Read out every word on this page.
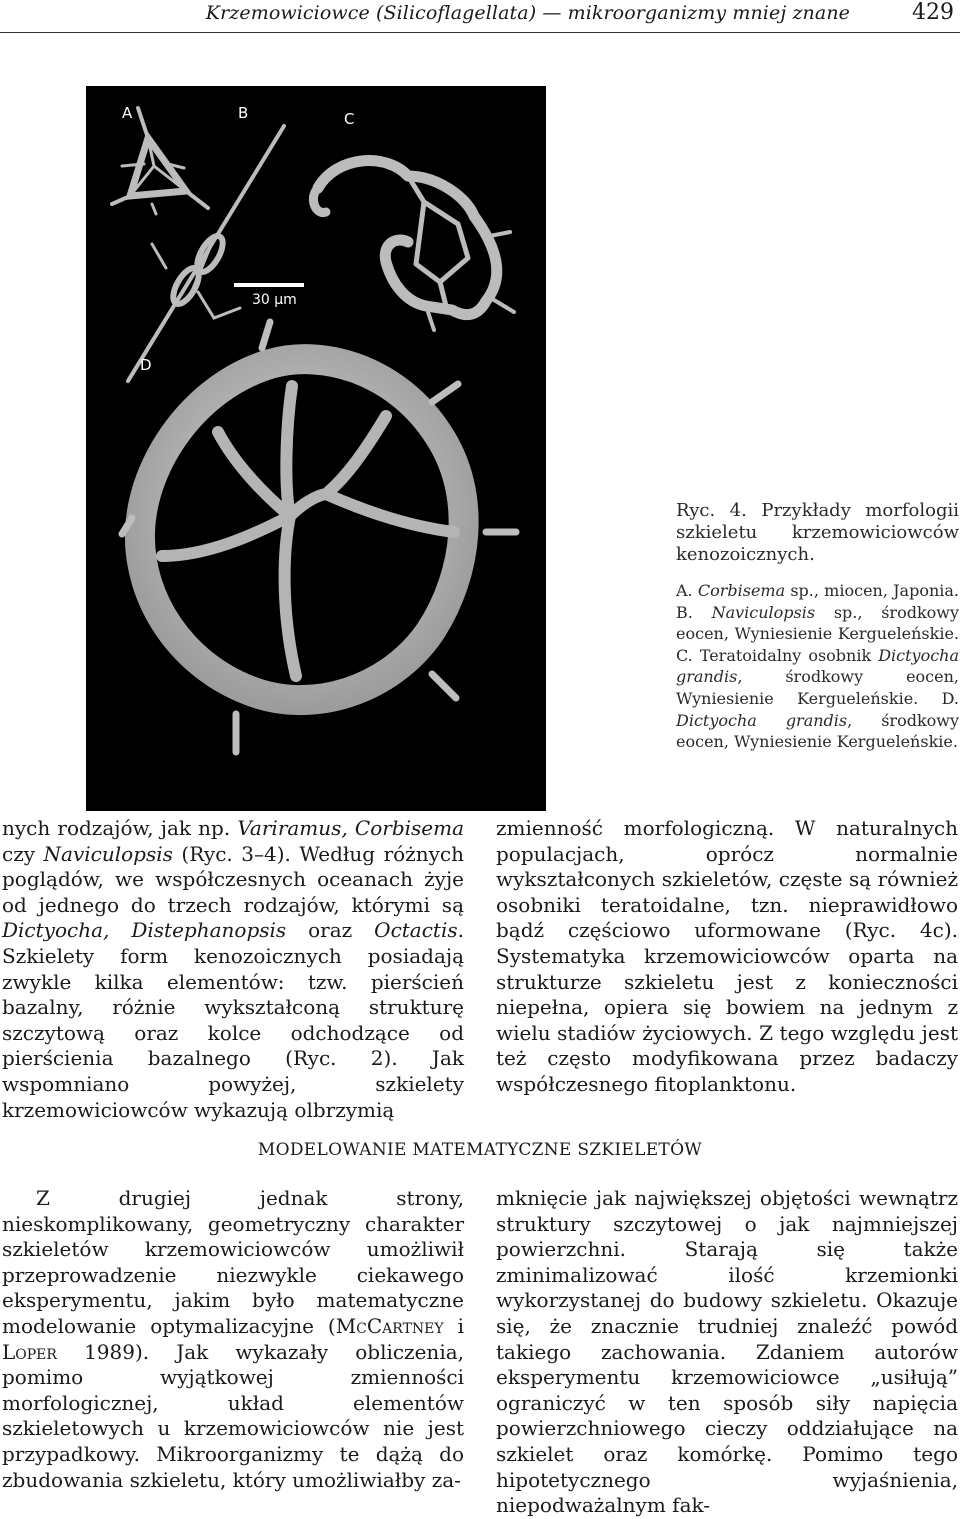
Krzemowiciowce (Silicoflagellata) — mikroorganizmy mniej znane	429
30 µm
A	B	C
D

Ryc. 4. Przykłady morfologii szkieletu krzemowiciowców kenozoicznych.

A. Corbisema sp., miocen, Japonia. B. Naviculopsis sp., środkowy eocen, Wyniesienie Kergueleńskie. C. Teratoidalny osobnik Dictyocha grandis, środkowy eocen, Wyniesienie Kergueleńskie. D. Dictyocha grandis, środkowy eocen, Wyniesienie Kergueleńskie.

nych rodzajów, jak np. Variramus, Corbisema czy Naviculopsis (Ryc. 3–4). Według różnych poglądów, we współczesnych oceanach żyje od jednego do trzech rodzajów, którymi są Dictyocha, Distephanopsis oraz Octactis. Szkielety form kenozoicznych posiadają zwykle kilka elementów: tzw. pierścień bazalny, różnie wykształconą strukturę szczytową oraz kolce odchodzące od pierścienia bazalnego (Ryc. 2). Jak wspomniano powyżej, szkielety krzemowiciowców wykazują olbrzymią

zmienność morfologiczną. W naturalnych populacjach, oprócz normalnie wykształconych szkieletów, częste są również osobniki teratoidalne, tzn. nieprawidłowo bądź częściowo uformowane (Ryc. 4c). Systematyka krzemowiciowców oparta na strukturze szkieletu jest z konieczności niepełna, opiera się bowiem na jednym z wielu stadiów życiowych. Z tego względu jest też często modyfikowana przez badaczy współczesnego fitoplanktonu.

MODELOWANIE MATEMATYCZNE SZKIELETÓW

Z drugiej jednak strony, nieskomplikowany, geometryczny charakter szkieletów krzemowiciowców umożliwił przeprowadzenie niezwykle ciekawego eksperymentu, jakim było matematyczne modelowanie optymalizacyjne (McCartney i Loper 1989). Jak wykazały obliczenia, pomimo wyjątkowej zmienności morfologicznej, układ elementów szkieletowych u krzemowiciowców nie jest przypadkowy. Mikroorganizmy te dążą do zbudowania szkieletu, który umożliwiałby za-

mknięcie jak największej objętości wewnątrz struktury szczytowej o jak najmniejszej powierzchni. Starają się także zminimalizować ilość krzemionki wykorzystanej do budowy szkieletu. Okazuje się, że znacznie trudniej znaleźć powód takiego zachowania. Zdaniem autorów eksperymentu krzemowiciowce „usiłują” ograniczyć w ten sposób siły napięcia powierzchniowego cieczy oddziałujące na szkielet oraz komórkę. Pomimo tego hipotetycznego wyjaśnienia, niepodważalnym fak-
